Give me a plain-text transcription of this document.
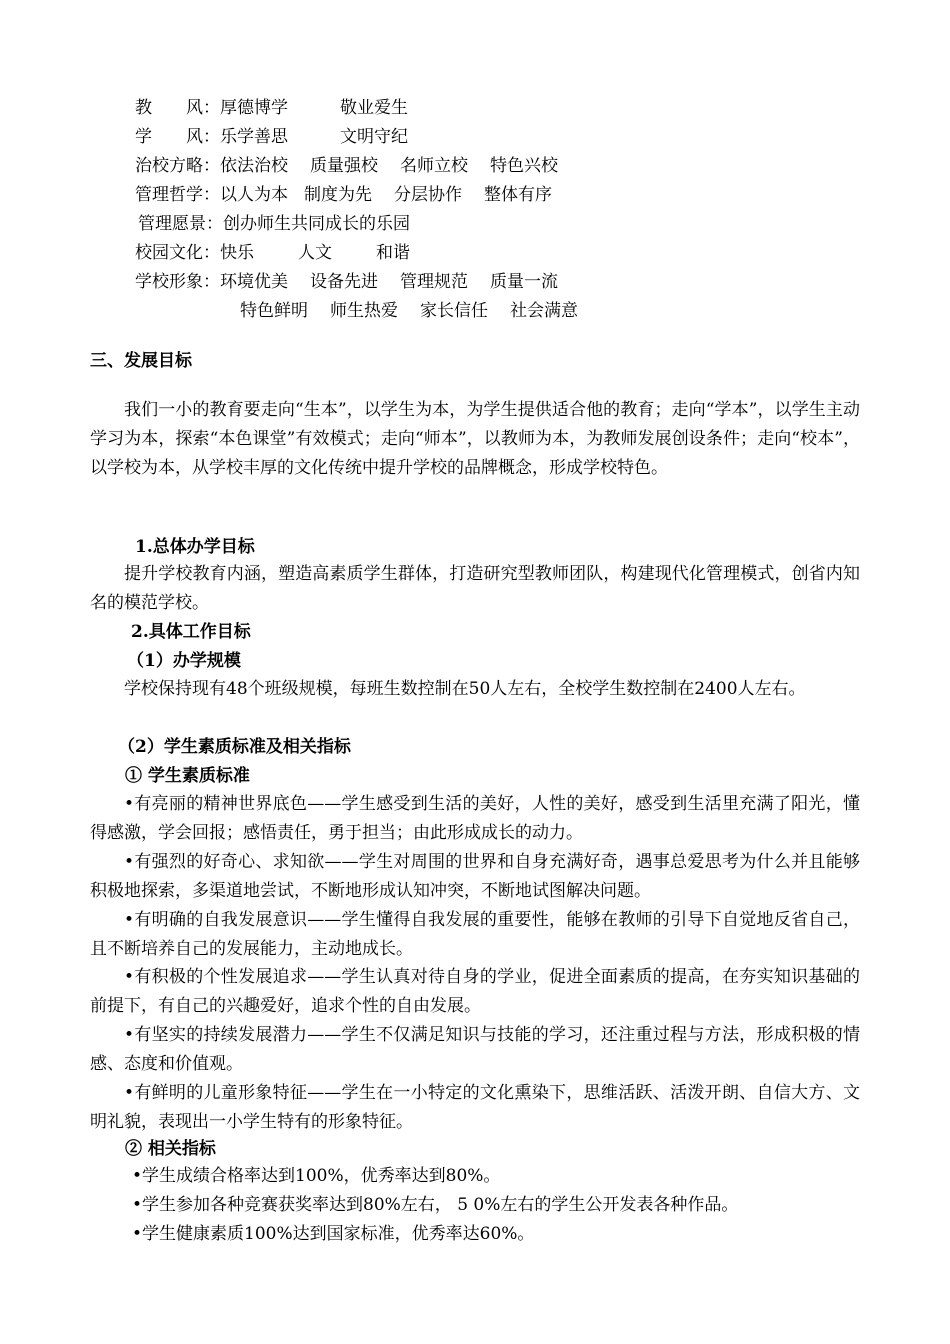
教　　风：厚德博学	敬业爱生
学　　风：乐学善思	文明守纪
治校方略：依法治校 质量强校 名师立校 特色兴校
管理哲学：以人为本 制度为先 分层协作 整体有序
管理愿景：创办师生共同成长的乐园
校园文化：快乐	人文	和谐
学校形象：环境优美 设备先进 管理规范 质量一流
特色鲜明 师生热爱 家长信任 社会满意
三、发展目标
我们一小的教育要走向“生本”，以学生为本，为学生提供适合他的教育；走向“学本”，以学生主动学习为本，探索“本色课堂”有效模式；走向“师本”，以教师为本，为教师发展创设条件；走向“校本”，以学校为本，从学校丰厚的文化传统中提升学校的品牌概念，形成学校特色。
1.总体办学目标
提升学校教育内涵，塑造高素质学生群体，打造研究型教师团队，构建现代化管理模式，创省内知名的模范学校。
2.具体工作目标
（1）办学规模
学校保持现有48个班级规模，每班生数控制在50人左右，全校学生数控制在2400人左右。
（2）学生素质标准及相关指标
① 学生素质标准
•有亮丽的精神世界底色——学生感受到生活的美好，人性的美好，感受到生活里充满了阳光，懂得感激，学会回报；感悟责任，勇于担当；由此形成成长的动力。
•有强烈的好奇心、求知欲——学生对周围的世界和自身充满好奇，遇事总爱思考为什么并且能够积极地探索，多渠道地尝试，不断地形成认知冲突，不断地试图解决问题。
•有明确的自我发展意识——学生懂得自我发展的重要性，能够在教师的引导下自觉地反省自己，且不断培养自己的发展能力，主动地成长。
•有积极的个性发展追求——学生认真对待自身的学业，促进全面素质的提高，在夯实知识基础的前提下，有自己的兴趣爱好，追求个性的自由发展。
•有坚实的持续发展潜力——学生不仅满足知识与技能的学习，还注重过程与方法，形成积极的情感、态度和价值观。
•有鲜明的儿童形象特征——学生在一小特定的文化熏染下，思维活跃、活泼开朗、自信大方、文明礼貌，表现出一小学生特有的形象特征。
② 相关指标
•学生成绩合格率达到100%，优秀率达到80%。
•学生参加各种竞赛获奖率达到80%左右， 5 0%左右的学生公开发表各种作品。
•学生健康素质100%达到国家标准，优秀率达60%。
